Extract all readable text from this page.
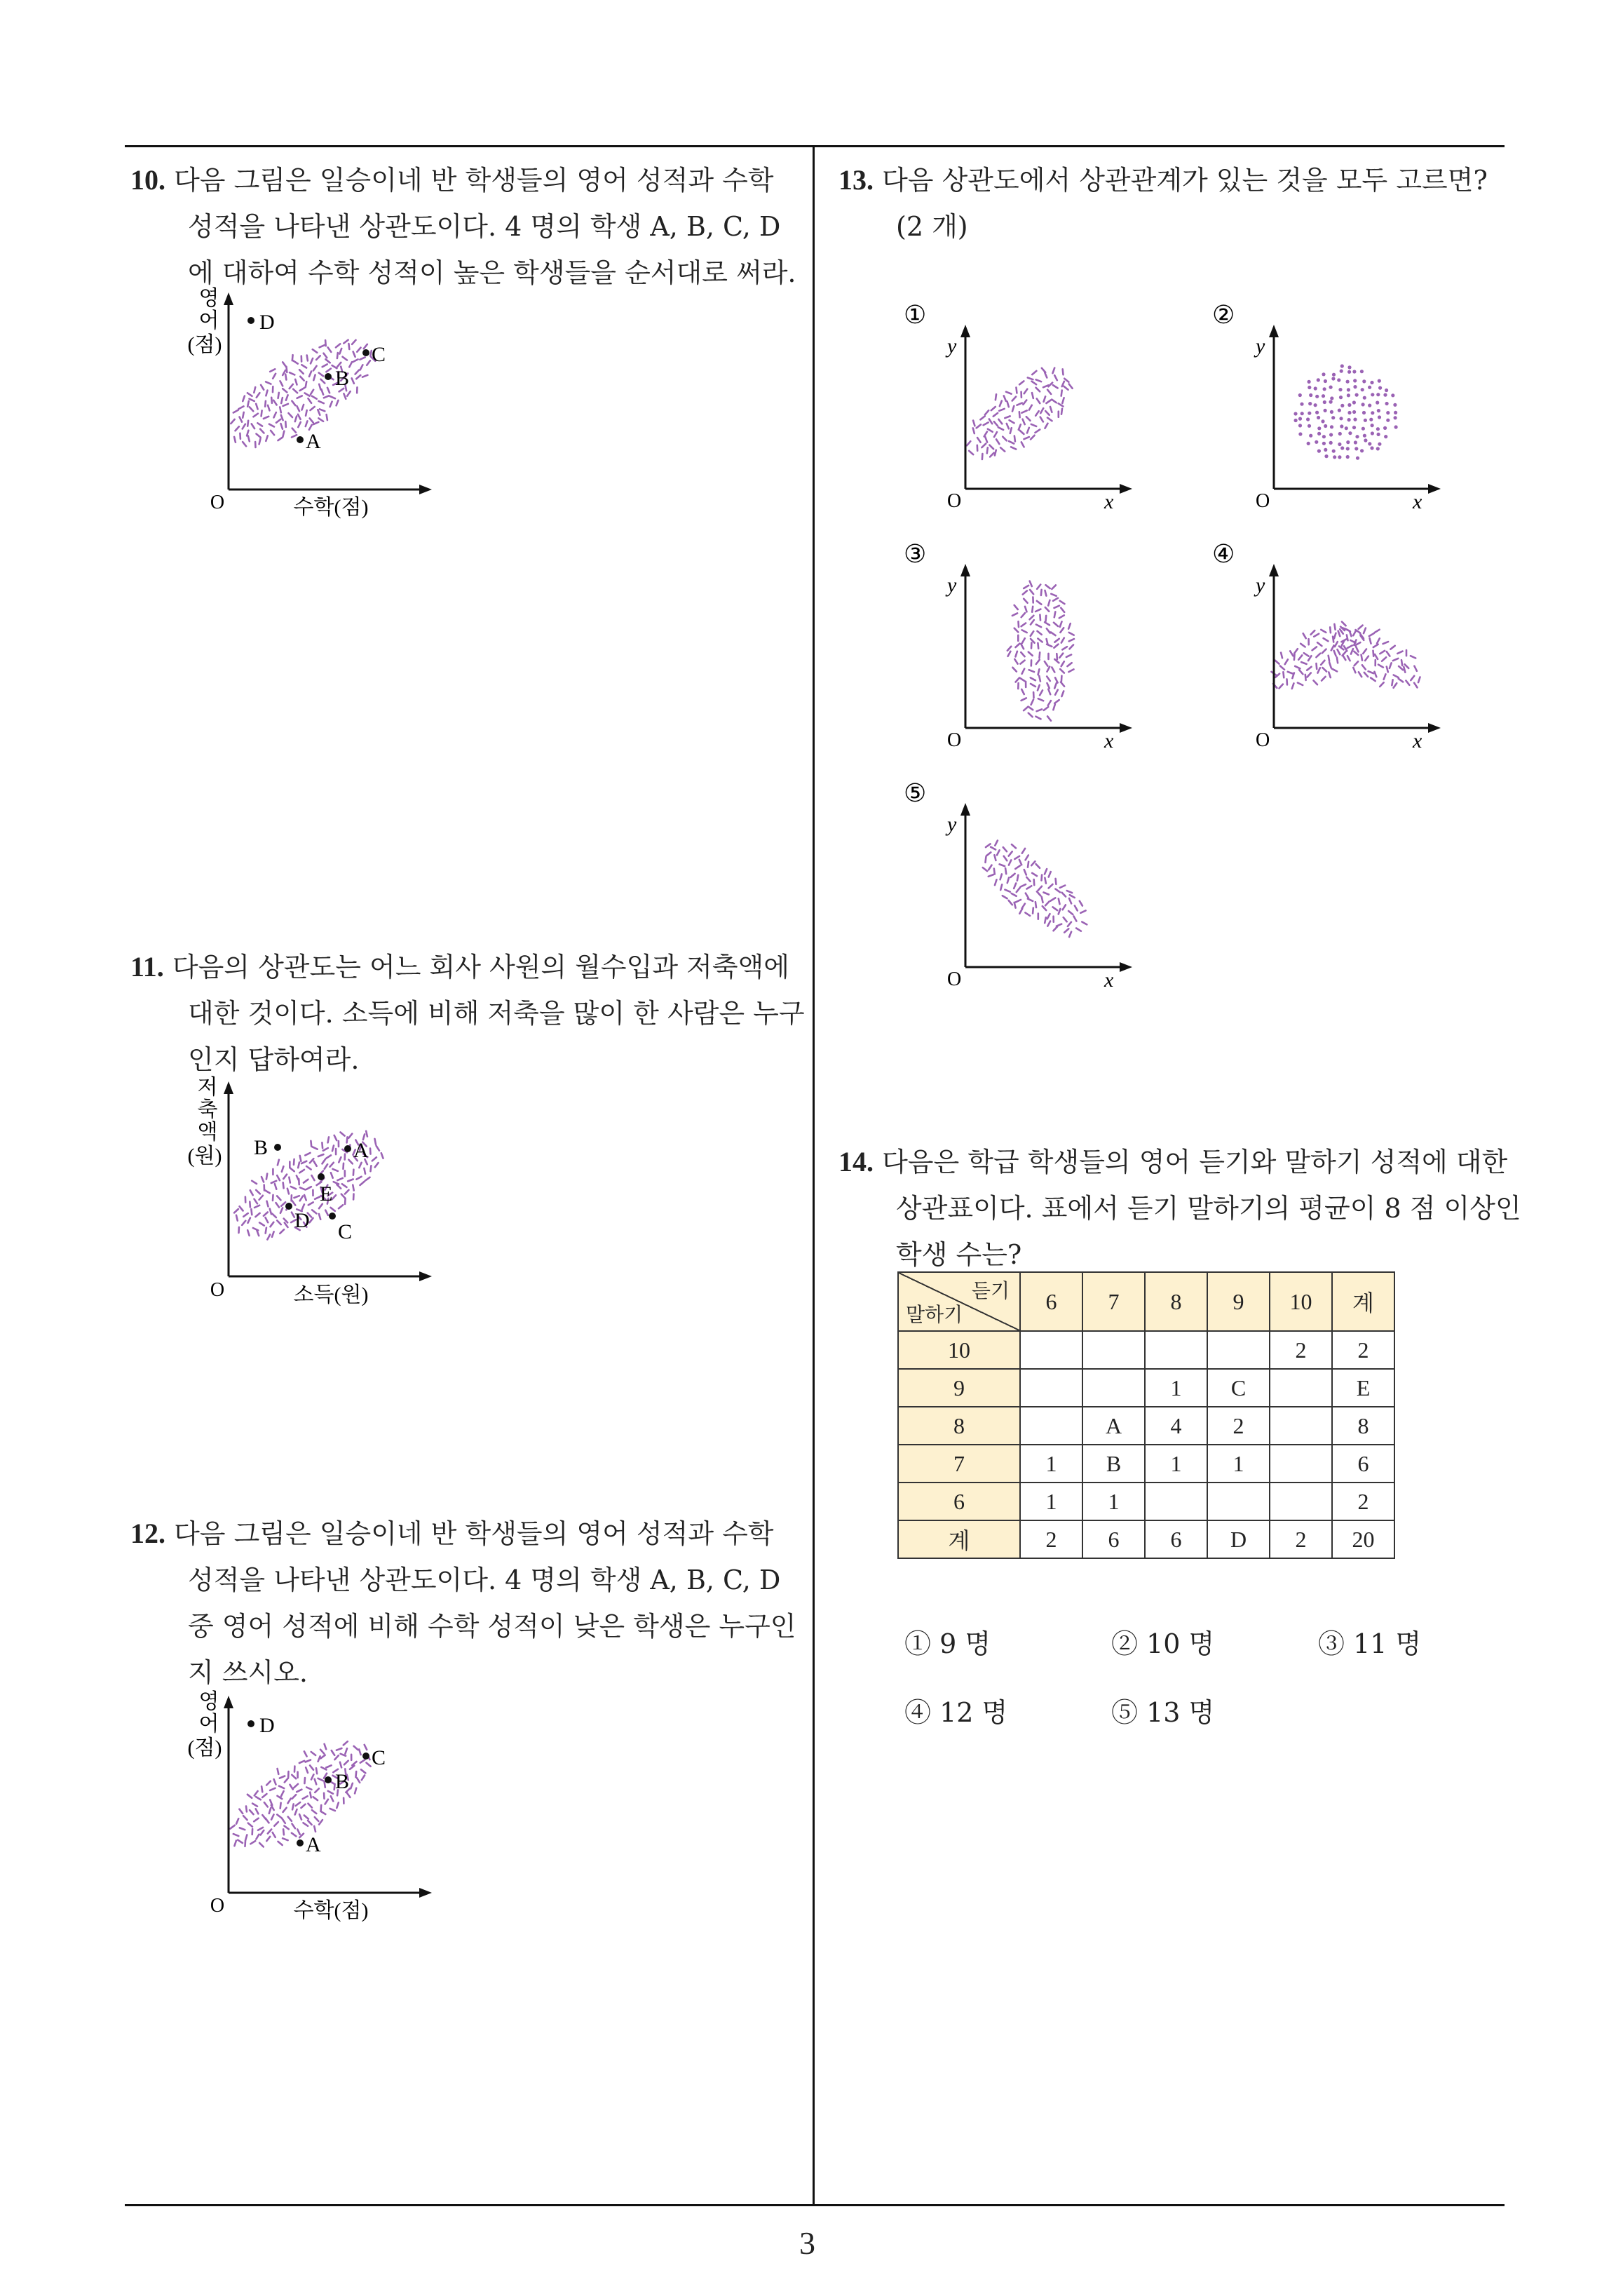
10. 다음 그림은 일승이네 반 학생들의 영어 성적과 수학
성적을 나타낸 상관도이다. 4 명의 학생 A, B, C, D
에 대하여 수학 성적이 높은 학생들을 순서대로 써라.
영
어
(점)
O	수학(점)
D
C
B
A
11. 다음의 상관도는 어느 회사 사원의 월수입과 저축액에
대한 것이다. 소득에 비해 저축을 많이 한 사람은 누구
인지 답하여라.
저
축
액
(원)
O	소득(원)
B	A
E
D C
12. 다음 그림은 일승이네 반 학생들의 영어 성적과 수학
성적을 나타낸 상관도이다. 4 명의 학생 A, B, C, D
중 영어 성적에 비해 수학 성적이 낮은 학생은 누구인
지 쓰시오.
영
어
(점)
O	수학(점)
D
C
B
A
13. 다음 상관도에서 상관관계가 있는 것을 모두 고르면?
(2 개)
①
y
O	x
②
y
O	x
③
y
O	x
④
y
O	x
⑤
y
O	x
14. 다음은 학급 학생들의 영어 듣기와 말하기 성적에 대한
상관표이다. 표에서 듣기 말하기의 평균이 8 점 이상인
학생 수는?
듣기
말하기	6	7	8	9	10	계
10					2	2
9			1	C		E
8		A	4	2		8
7	1	B	1	1		6
6	1	1				2
계	2	6	6	D	2	20
① 9 명	② 10 명	③ 11 명
④ 12 명	⑤ 13 명
3
